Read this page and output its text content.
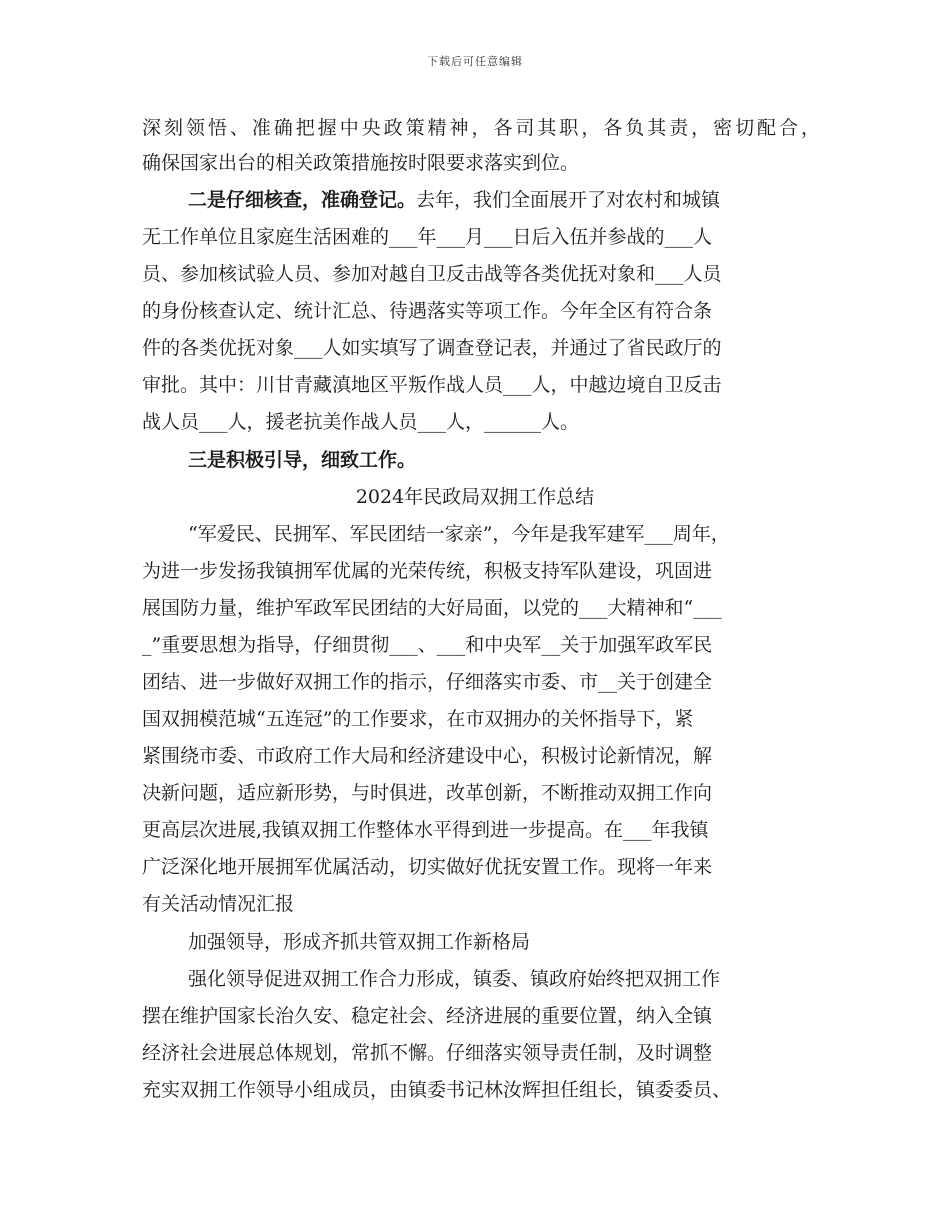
下载后可任意编辑
深刻领悟、准确把握中央政策精神，各司其职，各负其责，密切配合，
确保国家出台的相关政策措施按时限要求落实到位。
二是仔细核查，准确登记。去年，我们全面展开了对农村和城镇
无工作单位且家庭生活困难的___年___月___日后入伍并参战的___人
员、参加核试验人员、参加对越自卫反击战等各类优抚对象和___人员
的身份核查认定、统计汇总、待遇落实等项工作。今年全区有符合条
件的各类优抚对象___人如实填写了调查登记表，并通过了省民政厅的
审批。其中：川甘青藏滇地区平叛作战人员___人，中越边境自卫反击
战人员___人，援老抗美作战人员___人，______人。
三是积极引导，细致工作。
2024年民政局双拥工作总结
“军爱民、民拥军、军民团结一家亲”，今年是我军建军___周年，
为进一步发扬我镇拥军优属的光荣传统，积极支持军队建设，巩固进
展国防力量，维护军政军民团结的大好局面，以党的___大精神和“___
_”重要思想为指导，仔细贯彻___、___和中央军__关于加强军政军民
团结、进一步做好双拥工作的指示，仔细落实市委、市__关于创建全
国双拥模范城“五连冠”的工作要求，在市双拥办的关怀指导下，紧
紧围绕市委、市政府工作大局和经济建设中心，积极讨论新情况，解
决新问题，适应新形势，与时俱进，改革创新，不断推动双拥工作向
更高层次进展,我镇双拥工作整体水平得到进一步提高。在___年我镇
广泛深化地开展拥军优属活动，切实做好优抚安置工作。现将一年来
有关活动情况汇报
加强领导，形成齐抓共管双拥工作新格局
强化领导促进双拥工作合力形成，镇委、镇政府始终把双拥工作
摆在维护国家长治久安、稳定社会、经济进展的重要位置，纳入全镇
经济社会进展总体规划，常抓不懈。仔细落实领导责任制，及时调整
充实双拥工作领导小组成员，由镇委书记林汝辉担任组长，镇委委员、
